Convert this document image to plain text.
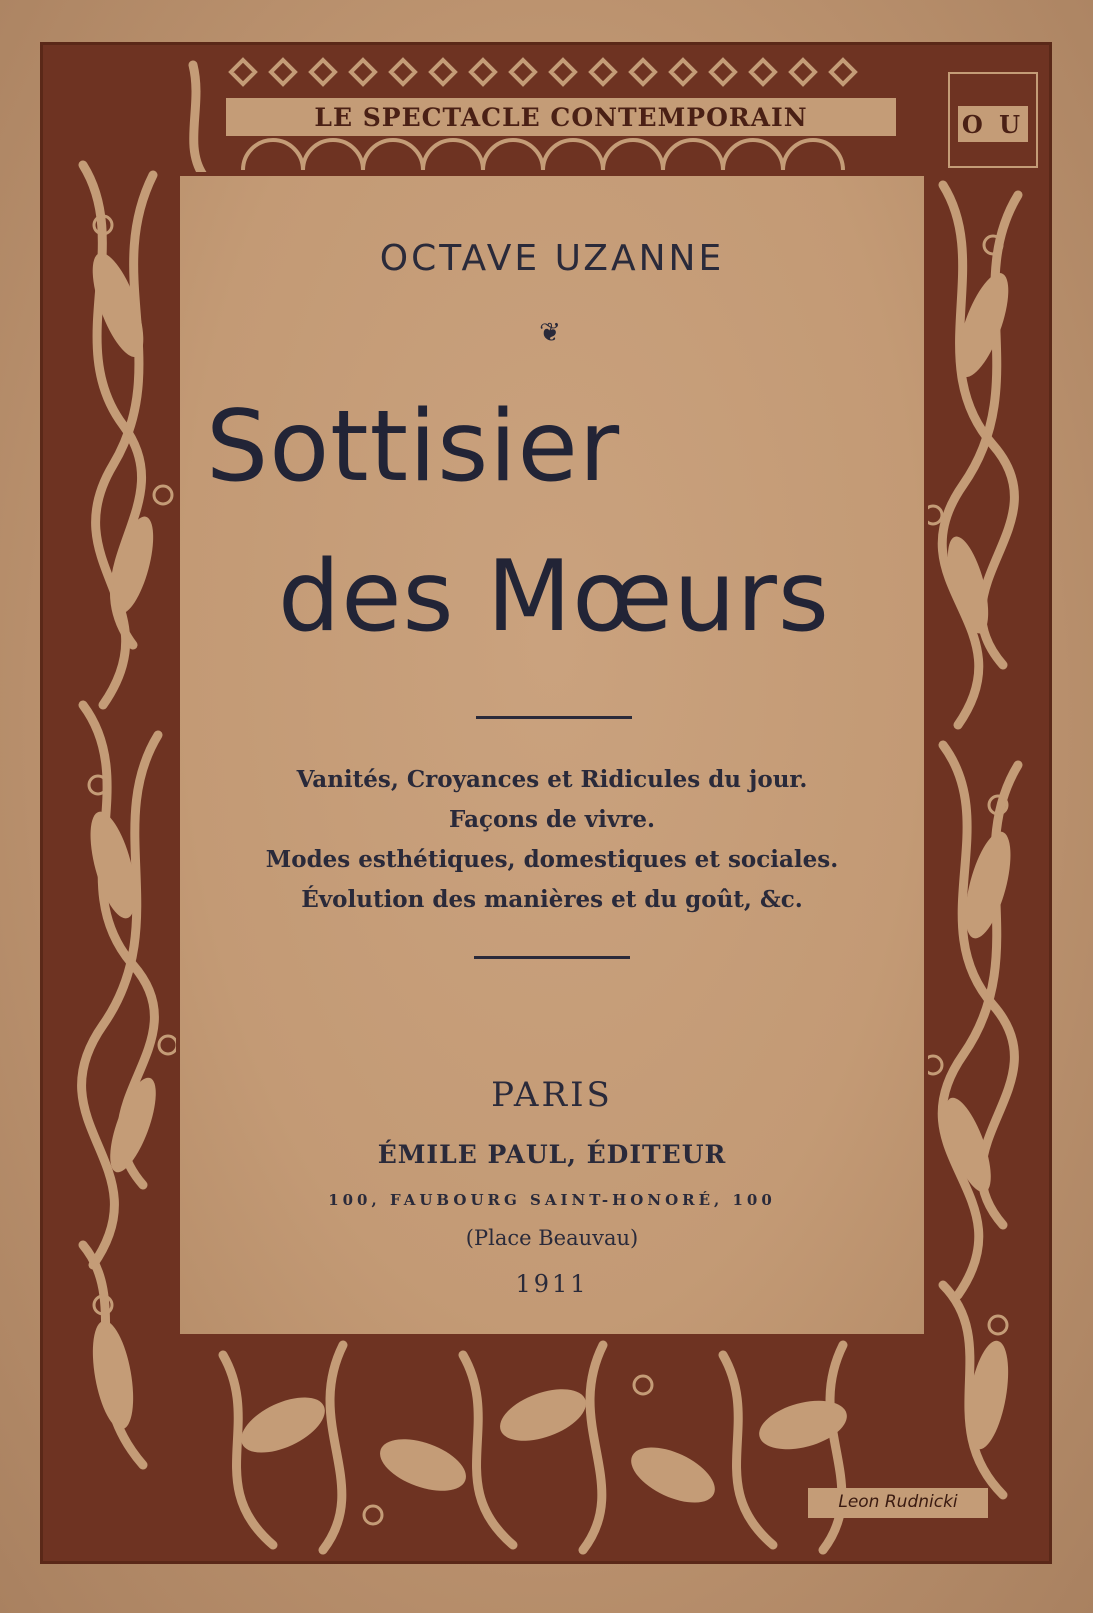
LE SPECTACLE CONTEMPORAIN	O U
OCTAVE UZANNE
❦
Sottisier
des Mœurs
Vanités, Croyances et Ridicules du jour.
Façons de vivre.
Modes esthétiques, domestiques et sociales.
Évolution des manières et du goût, &c.
PARIS
ÉMILE PAUL, ÉDITEUR
100, FAUBOURG SAINT-HONORÉ, 100
(Place Beauvau)
1911
Leon Rudnicki
